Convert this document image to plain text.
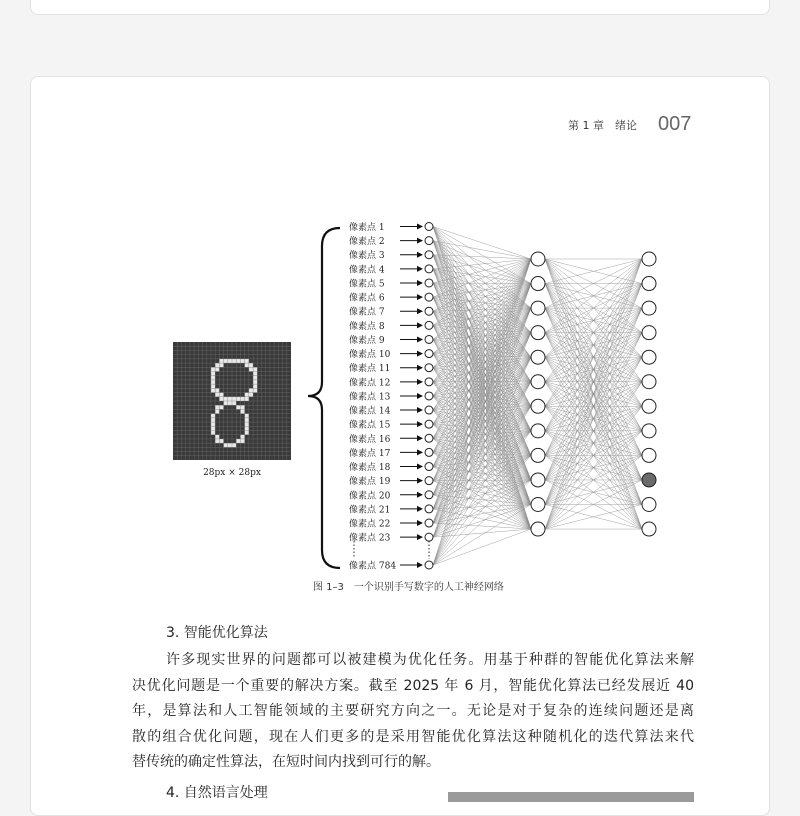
第 1 章　绪论 007
28px × 28px
像素点 1
像素点 2
像素点 3
像素点 4
像素点 5
像素点 6
像素点 7
像素点 8
像素点 9
像素点 10
像素点 11
像素点 12
像素点 13
像素点 14
像素点 15
像素点 16
像素点 17
像素点 18
像素点 19
像素点 20
像素点 21
像素点 22
像素点 23
像素点 784
图 1–3　一个识别手写数字的人工神经网络
3. 智能优化算法
许多现实世界的问题都可以被建模为优化任务。用基于种群的智能优化算法来解
决优化问题是一个重要的解决方案。截至 2025 年 6 月，智能优化算法已经发展近 40
年，是算法和人工智能领域的主要研究方向之一。无论是对于复杂的连续问题还是离
散的组合优化问题，现在人们更多的是采用智能优化算法这种随机化的迭代算法来代
替传统的确定性算法，在短时间内找到可行的解。
4. 自然语言处理
